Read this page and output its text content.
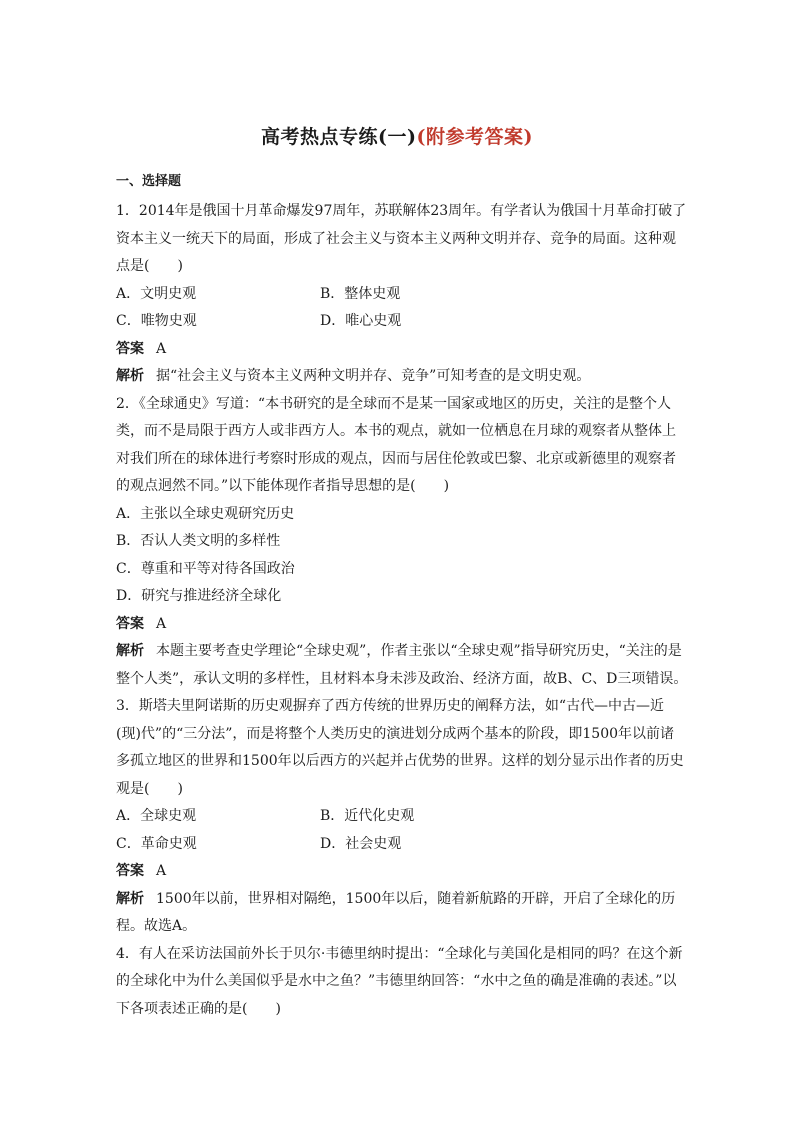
高考热点专练(一)(附参考答案)

一、选择题

1．2014年是俄国十月革命爆发97周年，苏联解体23周年。有学者认为俄国十月革命打破了资本主义一统天下的局面，形成了社会主义与资本主义两种文明并存、竞争的局面。这种观点是(　　)

A．文明史观	B．整体史观
C．唯物史观	D．唯心史观

答案 A

解析 据“社会主义与资本主义两种文明并存、竞争”可知考查的是文明史观。

2．《全球通史》写道：“本书研究的是全球而不是某一国家或地区的历史，关注的是整个人类，而不是局限于西方人或非西方人。本书的观点，就如一位栖息在月球的观察者从整体上对我们所在的球体进行考察时形成的观点，因而与居住伦敦或巴黎、北京或新德里的观察者的观点迥然不同。”以下能体现作者指导思想的是(　　)

A．主张以全球史观研究历史

B．否认人类文明的多样性

C．尊重和平等对待各国政治

D．研究与推进经济全球化

答案 A

解析 本题主要考查史学理论“全球史观”，作者主张以“全球史观”指导研究历史，“关注的是整个人类”，承认文明的多样性，且材料本身未涉及政治、经济方面，故B、C、D三项错误。

3．斯塔夫里阿诺斯的历史观摒弃了西方传统的世界历史的阐释方法，如“古代—中古—近(现)代”的“三分法”，而是将整个人类历史的演进划分成两个基本的阶段，即1500年以前诸多孤立地区的世界和1500年以后西方的兴起并占优势的世界。这样的划分显示出作者的历史观是(　　)

A．全球史观	B．近代化史观
C．革命史观	D．社会史观

答案 A

解析 1500年以前，世界相对隔绝，1500年以后，随着新航路的开辟，开启了全球化的历程。故选A。

4．有人在采访法国前外长于贝尔·韦德里纳时提出：“全球化与美国化是相同的吗？在这个新的全球化中为什么美国似乎是水中之鱼？”韦德里纳回答：“水中之鱼的确是准确的表述。”以下各项表述正确的是(　　)
